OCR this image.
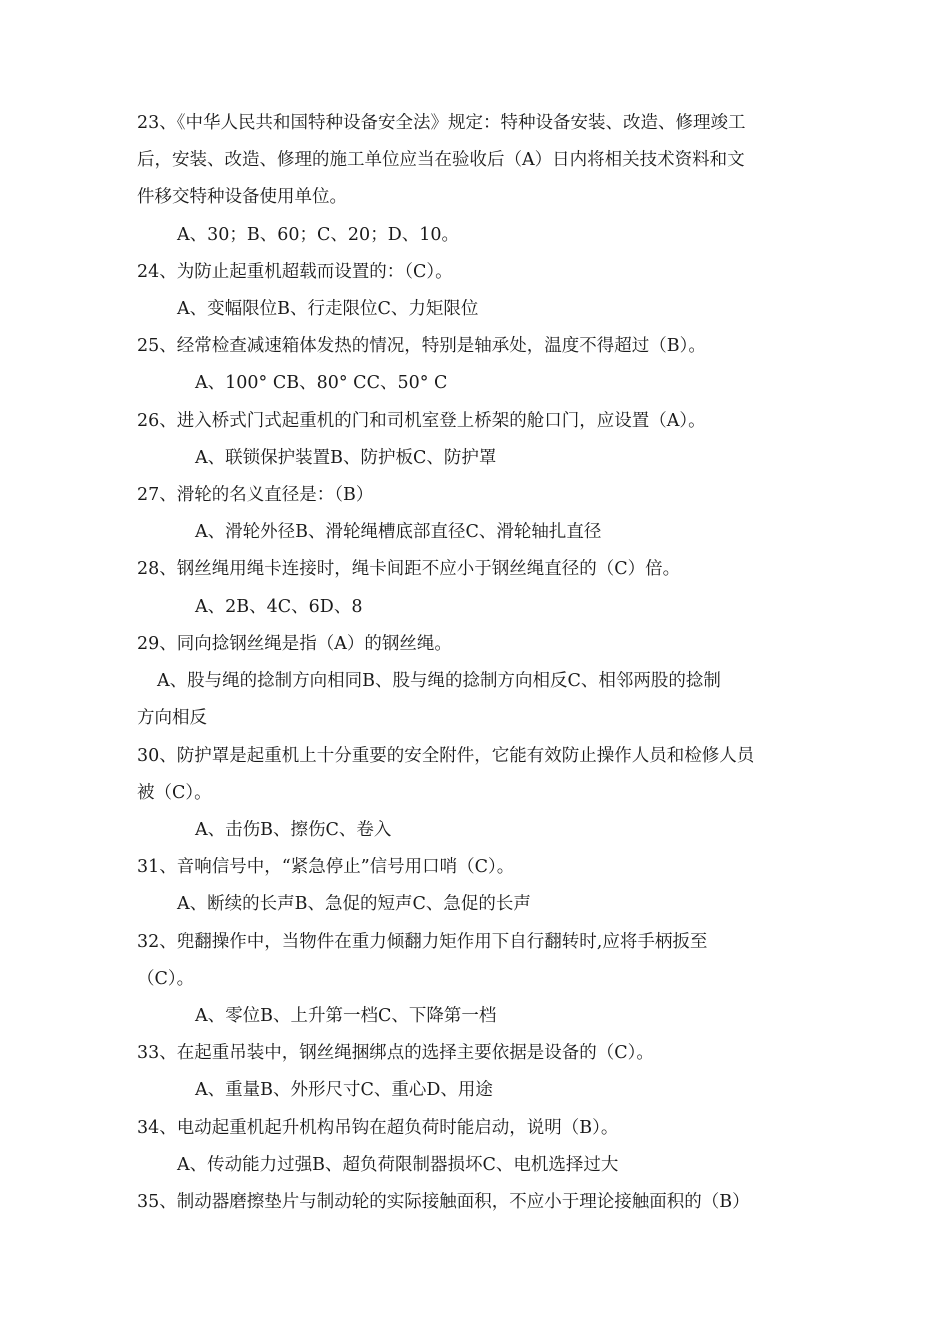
23、《中华人民共和国特种设备安全法》规定：特种设备安装、改造、修理竣工
后，安装、改造、修理的施工单位应当在验收后（A）日内将相关技术资料和文
件移交特种设备使用单位。
A、30；B、60；C、20；D、10。
24、为防止起重机超载而设置的：（C）。
A、变幅限位B、行走限位C、力矩限位
25、经常检查减速箱体发热的情况，特别是轴承处，温度不得超过（B）。
A、100° CB、80° CC、50° C
26、进入桥式门式起重机的门和司机室登上桥架的舱口门，应设置（A）。
A、联锁保护装置B、防护板C、防护罩
27、滑轮的名义直径是：（B）
A、滑轮外径B、滑轮绳槽底部直径C、滑轮轴扎直径
28、钢丝绳用绳卡连接时，绳卡间距不应小于钢丝绳直径的（C）倍。
A、2B、4C、6D、8
29、同向捻钢丝绳是指（A）的钢丝绳。
A、股与绳的捻制方向相同B、股与绳的捻制方向相反C、相邻两股的捻制
方向相反
30、防护罩是起重机上十分重要的安全附件，它能有效防止操作人员和检修人员
被（C）。
A、击伤B、擦伤C、卷入
31、音响信号中，“紧急停止”信号用口哨（C）。
A、断续的长声B、急促的短声C、急促的长声
32、兜翻操作中，当物件在重力倾翻力矩作用下自行翻转时,应将手柄扳至
（C）。
A、零位B、上升第一档C、下降第一档
33、在起重吊装中，钢丝绳捆绑点的选择主要依据是设备的（C）。
A、重量B、外形尺寸C、重心D、用途
34、电动起重机起升机构吊钩在超负荷时能启动，说明（B）。
A、传动能力过强B、超负荷限制器损坏C、电机选择过大
35、制动器磨擦垫片与制动轮的实际接触面积，不应小于理论接触面积的（B）
